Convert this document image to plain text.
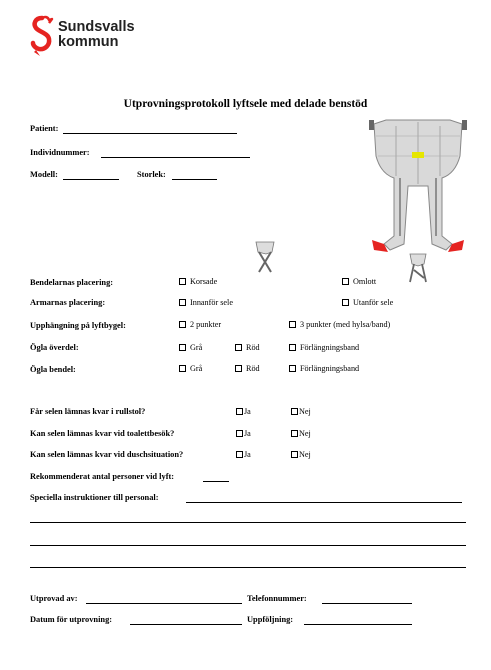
Sundsvalls
kommun
Utprovningsprotokoll lyftsele med delade benstöd
Patient:
Individnummer:
Modell:	Storlek:
Bendelarnas placering:	Korsade	Omlott
Armarnas placering:	Innanför sele	Utanför sele
Upphängning på lyftbygel:	2 punkter	3 punkter (med hylsa/band)
Ögla överdel:	Grå	Röd	Förlängningsband
Ögla bendel:	Grå	Röd	Förlängningsband
Får selen lämnas kvar i rullstol?	Ja	Nej
Kan selen lämnas kvar vid toalettbesök?	Ja	Nej
Kan selen lämnas kvar vid duschsituation?	Ja	Nej
Rekommenderat antal personer vid lyft:
Speciella instruktioner till personal:
Utprovad av:	Telefonnummer:
Datum för utprovning:	Uppföljning:
